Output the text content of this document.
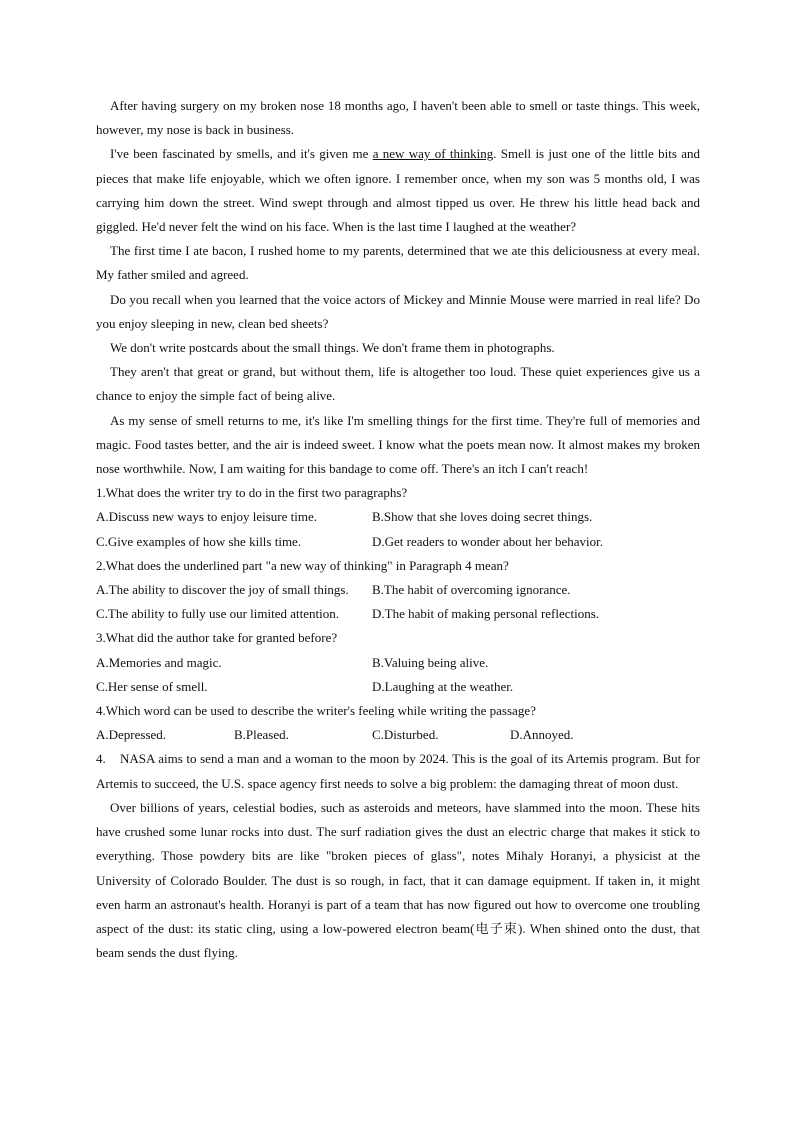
After having surgery on my broken nose 18 months ago, I haven't been able to smell or taste things. This week, however, my nose is back in business.

I've been fascinated by smells, and it's given me a new way of thinking. Smell is just one of the little bits and pieces that make life enjoyable, which we often ignore. I remember once, when my son was 5 months old, I was carrying him down the street. Wind swept through and almost tipped us over. He threw his little head back and giggled. He'd never felt the wind on his face. When is the last time I laughed at the weather?

The first time I ate bacon, I rushed home to my parents, determined that we ate this deliciousness at every meal. My father smiled and agreed.

Do you recall when you learned that the voice actors of Mickey and Minnie Mouse were married in real life? Do you enjoy sleeping in new, clean bed sheets?

We don't write postcards about the small things. We don't frame them in photographs.

They aren't that great or grand, but without them, life is altogether too loud. These quiet experiences give us a chance to enjoy the simple fact of being alive.

As my sense of smell returns to me, it's like I'm smelling things for the first time. They're full of memories and magic. Food tastes better, and the air is indeed sweet. I know what the poets mean now. It almost makes my broken nose worthwhile. Now, I am waiting for this bandage to come off. There's an itch I can't reach!

1.What does the writer try to do in the first two paragraphs?

A.Discuss new ways to enjoy leisure time.	B.Show that she loves doing secret things.
C.Give examples of how she kills time.	D.Get readers to wonder about her behavior.

2.What does the underlined part "a new way of thinking" in Paragraph 4 mean?

A.The ability to discover the joy of small things.	B.The habit of overcoming ignorance.
C.The ability to fully use our limited attention.	D.The habit of making personal reflections.

3.What did the author take for granted before?

A.Memories and magic.	B.Valuing being alive.
C.Her sense of smell.	D.Laughing at the weather.

4.Which word can be used to describe the writer's feeling while writing the passage?

A.Depressed.	B.Pleased.	C.Disturbed.	D.Annoyed.

4. NASA aims to send a man and a woman to the moon by 2024. This is the goal of its Artemis program. But for Artemis to succeed, the U.S. space agency first needs to solve a big problem: the damaging threat of moon dust.

Over billions of years, celestial bodies, such as asteroids and meteors, have slammed into the moon. These hits have crushed some lunar rocks into dust. The surf radiation gives the dust an electric charge that makes it stick to everything. Those powdery bits are like "broken pieces of glass", notes Mihaly Horanyi, a physicist at the University of Colorado Boulder. The dust is so rough, in fact, that it can damage equipment. If taken in, it might even harm an astronaut's health. Horanyi is part of a team that has now figured out how to overcome one troubling aspect of the dust: its static cling, using a low-powered electron beam(电子束). When shined onto the dust, that beam sends the dust flying.
